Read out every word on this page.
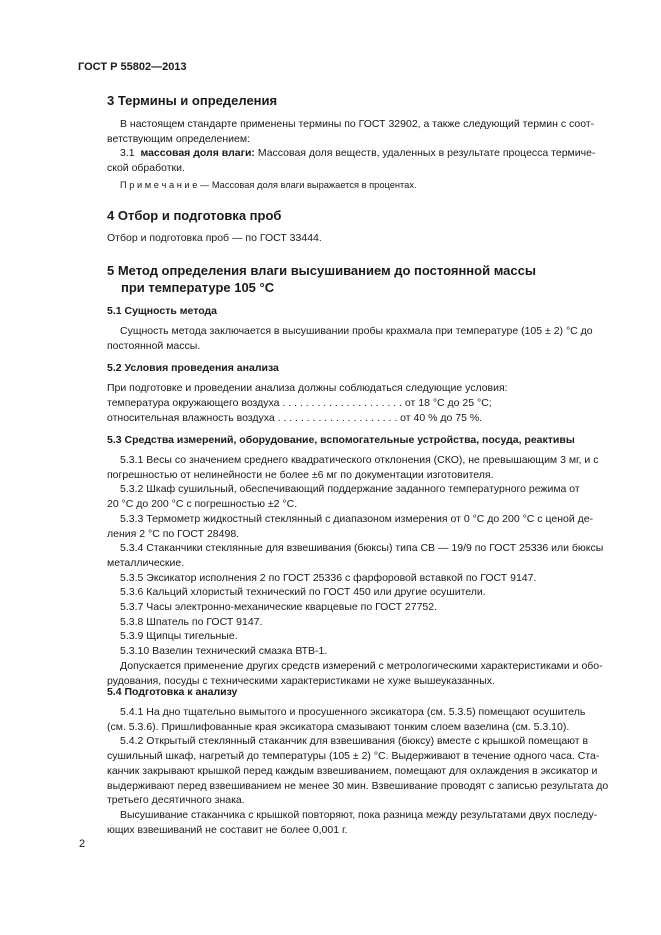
ГОСТ Р 55802—2013
3 Термины и определения
В настоящем стандарте применены термины по ГОСТ 32902, а также следующий термин с соот-
ветствующим определением:
3.1 массовая доля влаги: Массовая доля веществ, удаленных в результате процесса термиче-
ской обработки.
П р и м е ч а н и е — Массовая доля влаги выражается в процентах.
4 Отбор и подготовка проб
Отбор и подготовка проб — по ГОСТ 33444.
5 Метод определения влаги высушиванием до постоянной массы
при температуре 105 °С
5.1 Сущность метода
Сущность метода заключается в высушивании пробы крахмала при температуре (105 ± 2) °С до
постоянной массы.
5.2 Условия проведения анализа
При подготовке и проведении анализа должны соблюдаться следующие условия:
температура окружающего воздуха . . . . . . . . . . . . . . . . . . . . . от 18 °С до 25 °С;
относительная влажность воздуха . . . . . . . . . . . . . . . . . . . . . от 40 % до 75 %.
5.3 Средства измерений, оборудование, вспомогательные устройства, посуда, реактивы
5.3.1 Весы со значением среднего квадратического отклонения (СКО), не превышающим 3 мг, и с
погрешностью от нелинейности не более ±6 мг по документации изготовителя.
5.3.2 Шкаф сушильный, обеспечивающий поддержание заданного температурного режима от
20 °С до 200 °С с погрешностью ±2 °С.
5.3.3 Термометр жидкостный стеклянный с диапазоном измерения от 0 °С до 200 °С с ценой де-
ления 2 °С по ГОСТ 28498.
5.3.4 Стаканчики стеклянные для взвешивания (бюксы) типа СВ — 19/9 по ГОСТ 25336 или бюксы
металлические.
5.3.5 Эксикатор исполнения 2 по ГОСТ 25336 с фарфоровой вставкой по ГОСТ 9147.
5.3.6 Кальций хлористый технический по ГОСТ 450 или другие осушители.
5.3.7 Часы электронно-механические кварцевые по ГОСТ 27752.
5.3.8 Шпатель по ГОСТ 9147.
5.3.9 Щипцы тигельные.
5.3.10 Вазелин технический смазка ВТВ-1.
Допускается применение других средств измерений с метрологическими характеристиками и обо-
рудования, посуды с техническими характеристиками не хуже вышеуказанных.
5.4 Подготовка к анализу
5.4.1 На дно тщательно вымытого и просушенного эксикатора (см. 5.3.5) помещают осушитель
(см. 5.3.6). Пришлифованные края эксикатора смазывают тонким слоем вазелина (см. 5.3.10).
5.4.2 Открытый стеклянный стаканчик для взвешивания (бюксу) вместе с крышкой помещают в
сушильный шкаф, нагретый до температуры (105 ± 2) °С. Выдерживают в течение одного часа. Ста-
канчик закрывают крышкой перед каждым взвешиванием, помещают для охлаждения в эксикатор и
выдерживают перед взвешиванием не менее 30 мин. Взвешивание проводят с записью результата до
третьего десятичного знака.
Высушивание стаканчика с крышкой повторяют, пока разница между результатами двух последу-
ющих взвешиваний не составит не более 0,001 г.
2
